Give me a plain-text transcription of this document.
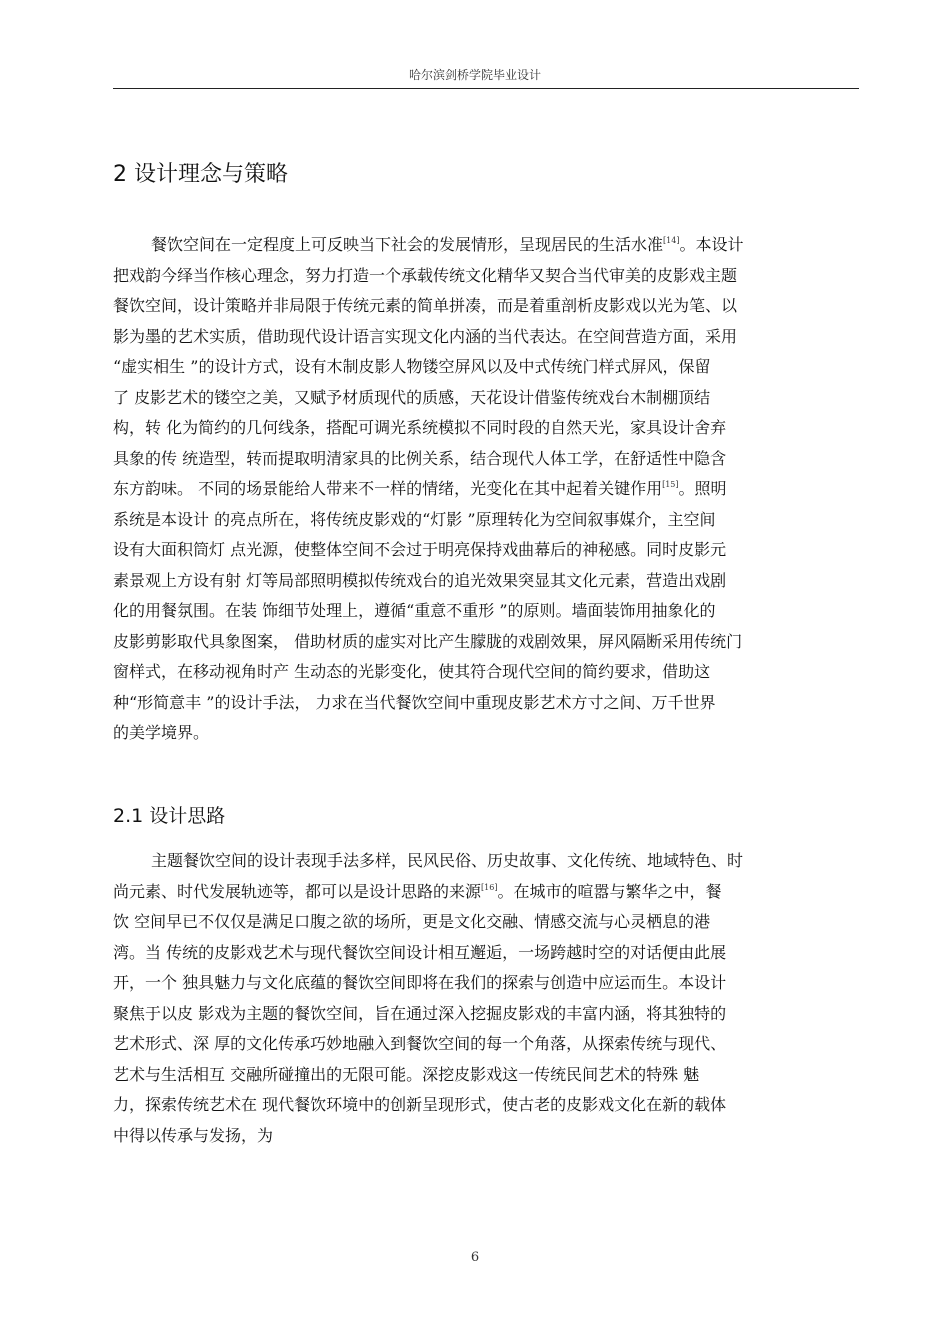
哈尔滨剑桥学院毕业设计
2 设计理念与策略
餐饮空间在一定程度上可反映当下社会的发展情形，呈现居民的生活水准[14]。本设计
把戏韵今绎当作核心理念，努力打造一个承载传统文化精华又契合当代审美的皮影戏主题
餐饮空间，设计策略并非局限于传统元素的简单拼凑，而是着重剖析皮影戏以光为笔、以
影为墨的艺术实质，借助现代设计语言实现文化内涵的当代表达。在空间营造方面，采用
“虚实相生 ”的设计方式，设有木制皮影人物镂空屏风以及中式传统门样式屏风，保留
了 皮影艺术的镂空之美，又赋予材质现代的质感，天花设计借鉴传统戏台木制棚顶结
构，转 化为简约的几何线条，搭配可调光系统模拟不同时段的自然天光，家具设计舍弃
具象的传 统造型，转而提取明清家具的比例关系，结合现代人体工学，在舒适性中隐含
东方韵味。 不同的场景能给人带来不一样的情绪，光变化在其中起着关键作用[15]。照明
系统是本设计 的亮点所在，将传统皮影戏的“灯影 ”原理转化为空间叙事媒介，主空间
设有大面积筒灯 点光源，使整体空间不会过于明亮保持戏曲幕后的神秘感。同时皮影元
素景观上方设有射 灯等局部照明模拟传统戏台的追光效果突显其文化元素，营造出戏剧
化的用餐氛围。在装 饰细节处理上，遵循“重意不重形 ”的原则。墙面装饰用抽象化的
皮影剪影取代具象图案， 借助材质的虚实对比产生朦胧的戏剧效果，屏风隔断采用传统门
窗样式，在移动视角时产 生动态的光影变化，使其符合现代空间的简约要求，借助这
种“形简意丰 ”的设计手法， 力求在当代餐饮空间中重现皮影艺术方寸之间、万千世界
的美学境界。
2.1 设计思路
主题餐饮空间的设计表现手法多样，民风民俗、历史故事、文化传统、地域特色、时
尚元素、时代发展轨迹等，都可以是设计思路的来源[16]。在城市的喧嚣与繁华之中，餐
饮 空间早已不仅仅是满足口腹之欲的场所，更是文化交融、情感交流与心灵栖息的港
湾。当 传统的皮影戏艺术与现代餐饮空间设计相互邂逅，一场跨越时空的对话便由此展
开，一个 独具魅力与文化底蕴的餐饮空间即将在我们的探索与创造中应运而生。本设计
聚焦于以皮 影戏为主题的餐饮空间，旨在通过深入挖掘皮影戏的丰富内涵，将其独特的
艺术形式、深 厚的文化传承巧妙地融入到餐饮空间的每一个角落，从探索传统与现代、
艺术与生活相互 交融所碰撞出的无限可能。深挖皮影戏这一传统民间艺术的特殊 魅
力，探索传统艺术在 现代餐饮环境中的创新呈现形式，使古老的皮影戏文化在新的载体
中得以传承与发扬，为
6
